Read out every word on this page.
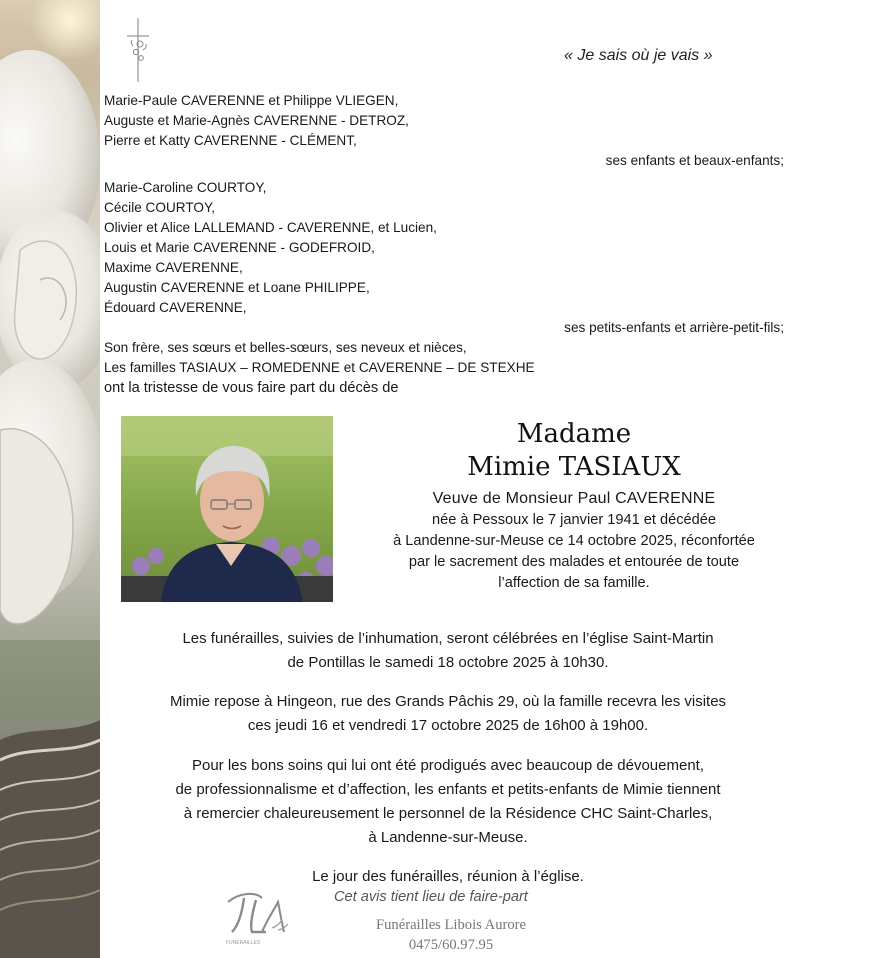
« Je sais où je vais »
Marie-Paule CAVERENNE et Philippe VLIEGEN,
Auguste et Marie-Agnès CAVERENNE - DETROZ,
Pierre et Katty CAVERENNE - CLÉMENT,
ses enfants et beaux-enfants;
Marie-Caroline COURTOY,
Cécile COURTOY,
Olivier et Alice LALLEMAND - CAVERENNE, et Lucien,
Louis et Marie CAVERENNE - GODEFROID,
Maxime CAVERENNE,
Augustin CAVERENNE et Loane PHILIPPE,
Édouard CAVERENNE,
ses petits-enfants et arrière-petit-fils;
Son frère, ses sœurs et belles-sœurs, ses neveux et nièces,
Les familles TASIAUX – ROMEDENNE et CAVERENNE – DE STEXHE
ont la tristesse de vous faire part du décès de
Madame
Mimie TASIAUX
Veuve de Monsieur Paul CAVERENNE
née à Pessoux le 7 janvier 1941 et décédée
à Landenne-sur-Meuse ce 14 octobre 2025, réconfortée
par le sacrement des malades et entourée de toute
l’affection de sa famille.
Les funérailles, suivies de l’inhumation, seront célébrées en l’église Saint-Martin
de Pontillas le samedi 18 octobre 2025 à 10h30.
Mimie repose à Hingeon, rue des Grands Pâchis 29, où la famille recevra les visites
ces jeudi 16 et vendredi 17 octobre 2025 de 16h00 à 19h00.
Pour les bons soins qui lui ont été prodigués avec beaucoup de dévouement,
de professionnalisme et d’affection, les enfants et petits-enfants de Mimie tiennent
à remercier chaleureusement le personnel de la Résidence CHC Saint-Charles,
à Landenne-sur-Meuse.
Le jour des funérailles, réunion à l’église.
FUNÉRAILLES
Cet avis tient lieu de faire-part
Funérailles Libois Aurore
0475/60.97.95
